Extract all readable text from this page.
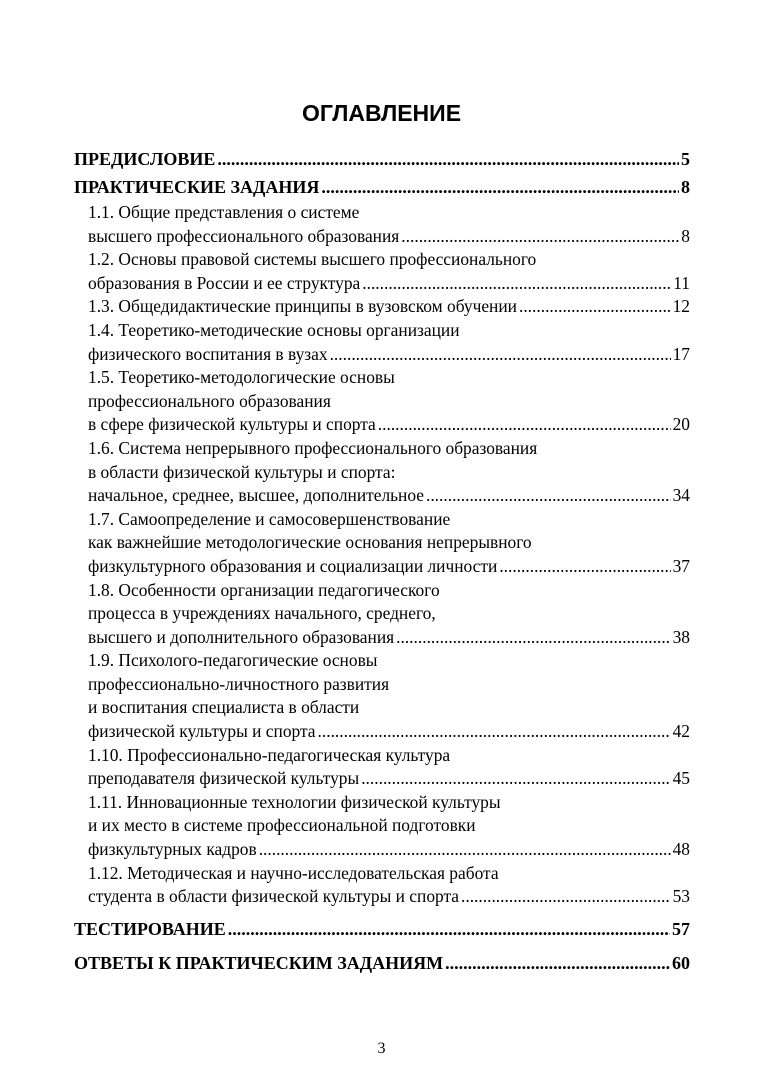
ОГЛАВЛЕНИЕ
ПРЕДИСЛОВИЕ .....	5
ПРАКТИЧЕСКИЕ ЗАДАНИЯ .....	8
1.1. Общие представления о системе
высшего профессионального образования .....	8
1.2. Основы правовой системы высшего профессионального
образования в России и ее структура .....	11
1.3. Общедидактические принципы в вузовском обучении .....	12
1.4. Теоретико-методические основы организации
физического воспитания в вузах .....	17
1.5. Теоретико-методологические основы
профессионального образования
в сфере физической культуры и спорта .....	20
1.6. Система непрерывного профессионального образования
в области физической культуры и спорта:
начальное, среднее, высшее, дополнительное .....	34
1.7. Самоопределение и самосовершенствование
как важнейшие методологические основания непрерывного
физкультурного образования и социализации личности .....	37
1.8. Особенности организации педагогического
процесса в учреждениях начального, среднего,
высшего и дополнительного образования .....	38
1.9. Психолого-педагогические основы
профессионально-личностного развития
и воспитания специалиста в области
физической культуры и спорта .....	42
1.10. Профессионально-педагогическая культура
преподавателя физической культуры .....	45
1.11. Инновационные технологии физической культуры
и их место в системе профессиональной подготовки
физкультурных кадров .....	48
1.12. Методическая и научно-исследовательская работа
студента в области физической культуры и спорта .....	53
ТЕСТИРОВАНИЕ .....	57
ОТВЕТЫ К ПРАКТИЧЕСКИМ ЗАДАНИЯМ .....	60
3
